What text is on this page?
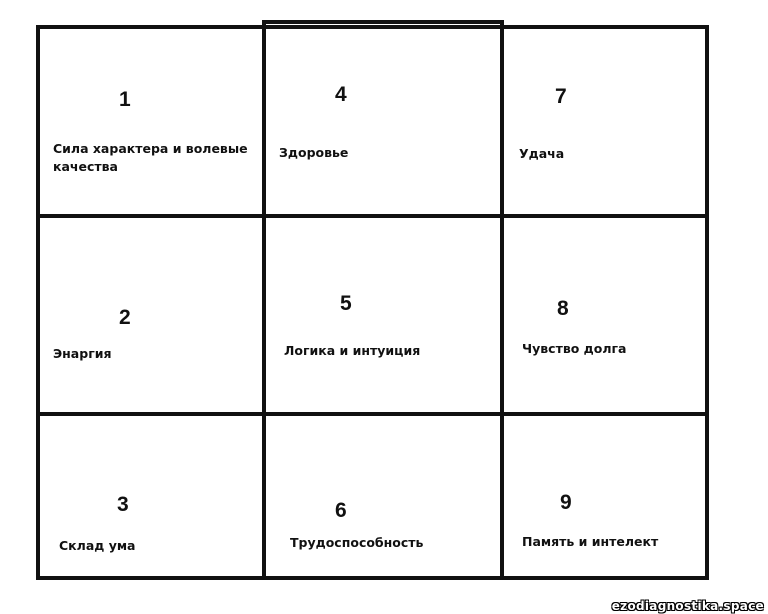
1
Сила характера и волевые качества
2
Энаргия
3
Склад ума
4
Здоровье
5
Логика и интуиция
6
Трудоспособность
7
Удача
8
Чувство долга
9
Память и интелект
ezodiagnostika.space
